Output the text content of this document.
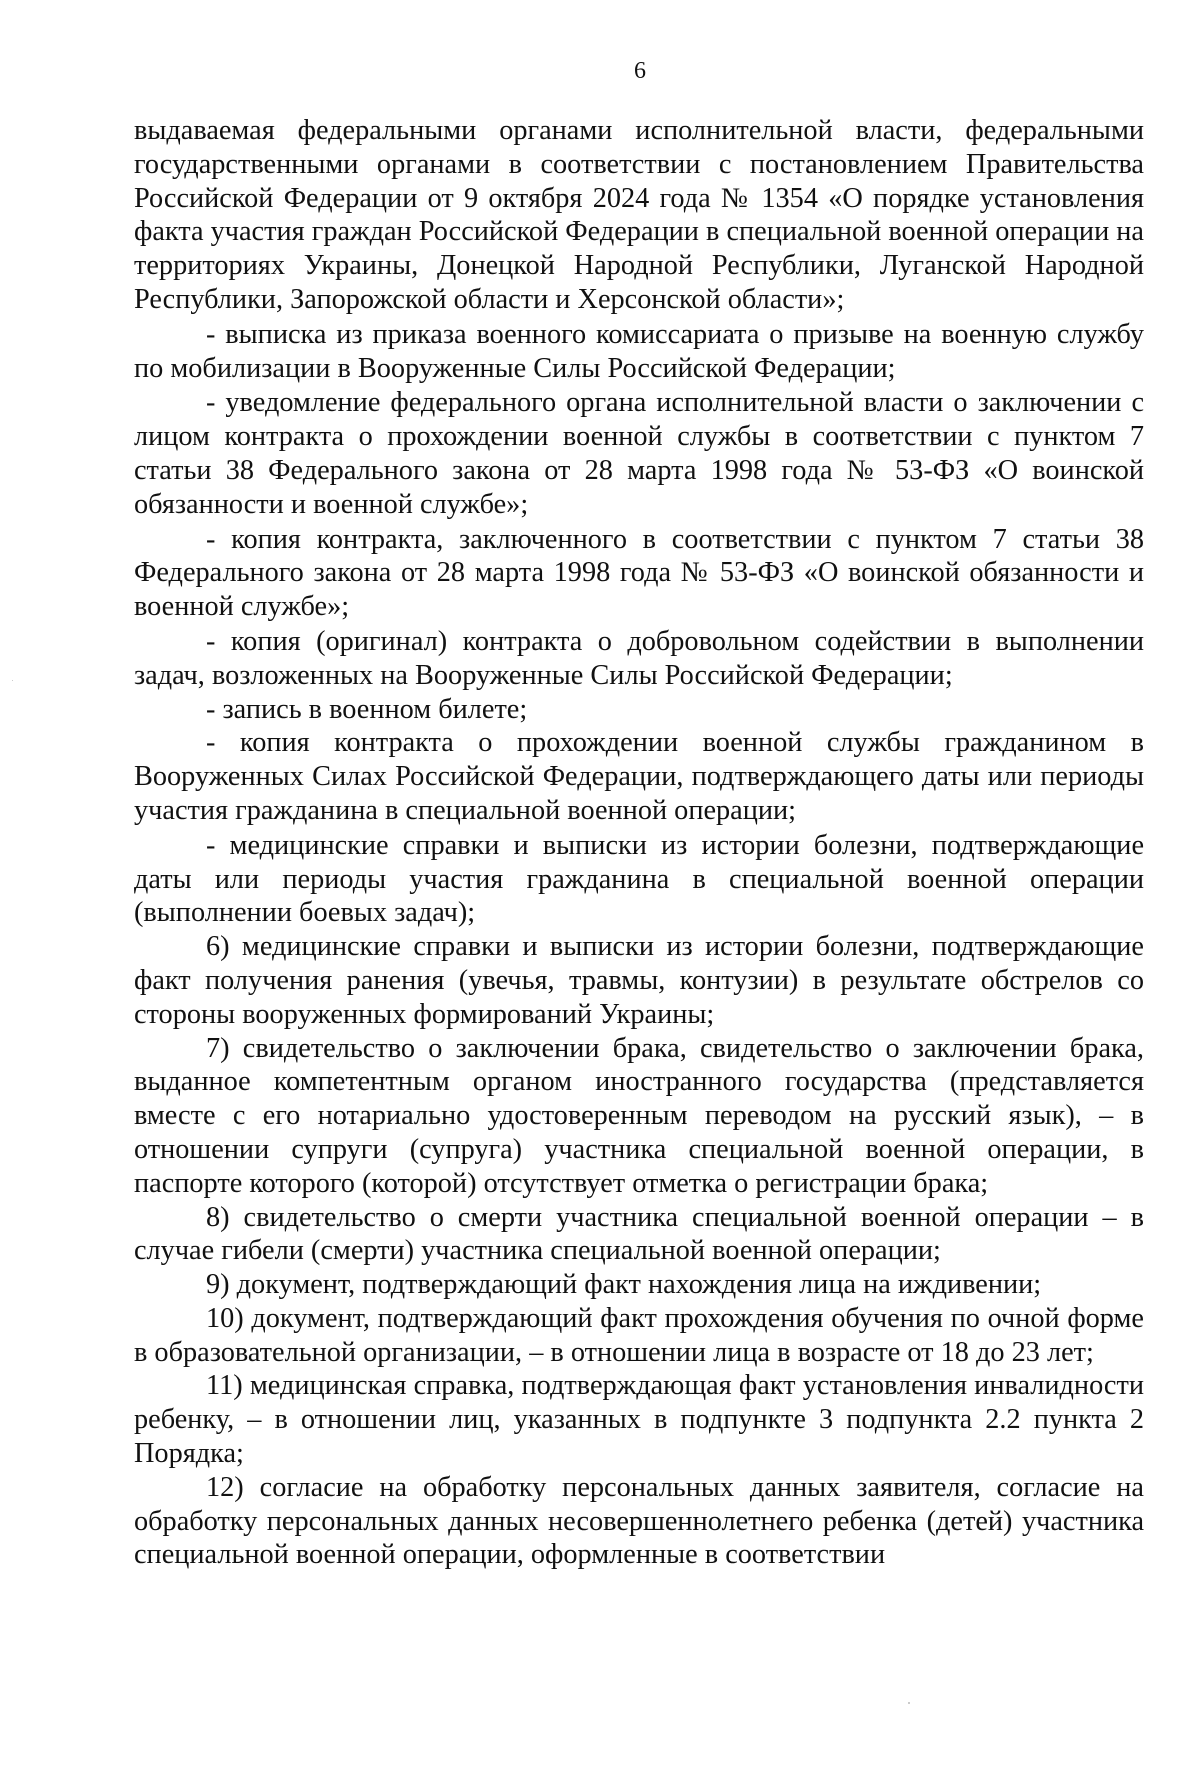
6

выдаваемая федеральными органами исполнительной власти, федеральными государственными органами в соответствии с постановлением Правительства Российской Федерации от 9 октября 2024 года № 1354 «О порядке установления факта участия граждан Российской Федерации в специальной военной операции на территориях Украины, Донецкой Народной Республики, Луганской Народной Республики, Запорожской области и Херсонской области»;

- выписка из приказа военного комиссариата о призыве на военную службу по мобилизации в Вооруженные Силы Российской Федерации;

- уведомление федерального органа исполнительной власти о заключении с лицом контракта о прохождении военной службы в соответствии с пунктом 7 статьи 38 Федерального закона от 28 марта 1998 года № 53-ФЗ «О воинской обязанности и военной службе»;

- копия контракта, заключенного в соответствии с пунктом 7 статьи 38 Федерального закона от 28 марта 1998 года № 53-ФЗ «О воинской обязанности и военной службе»;

- копия (оригинал) контракта о добровольном содействии в выполнении задач, возложенных на Вооруженные Силы Российской Федерации;

- запись в военном билете;

- копия контракта о прохождении военной службы гражданином в Вооруженных Силах Российской Федерации, подтверждающего даты или периоды участия гражданина в специальной военной операции;

- медицинские справки и выписки из истории болезни, подтверждающие даты или периоды участия гражданина в специальной военной операции (выполнении боевых задач);

6) медицинские справки и выписки из истории болезни, подтверждающие факт получения ранения (увечья, травмы, контузии) в результате обстрелов со стороны вооруженных формирований Украины;

7) свидетельство о заключении брака, свидетельство о заключении брака, выданное компетентным органом иностранного государства (представляется вместе с его нотариально удостоверенным переводом на русский язык), – в отношении супруги (супруга) участника специальной военной операции, в паспорте которого (которой) отсутствует отметка о регистрации брака;

8) свидетельство о смерти участника специальной военной операции – в случае гибели (смерти) участника специальной военной операции;

9) документ, подтверждающий факт нахождения лица на иждивении;

10) документ, подтверждающий факт прохождения обучения по очной форме в образовательной организации, – в отношении лица в возрасте от 18 до 23 лет;

11) медицинская справка, подтверждающая факт установления инвалидности ребенку, – в отношении лиц, указанных в подпункте 3 подпункта 2.2 пункта 2 Порядка;

12) согласие на обработку персональных данных заявителя, согласие на обработку персональных данных несовершеннолетнего ребенка (детей) участника специальной военной операции, оформленные в соответствии
